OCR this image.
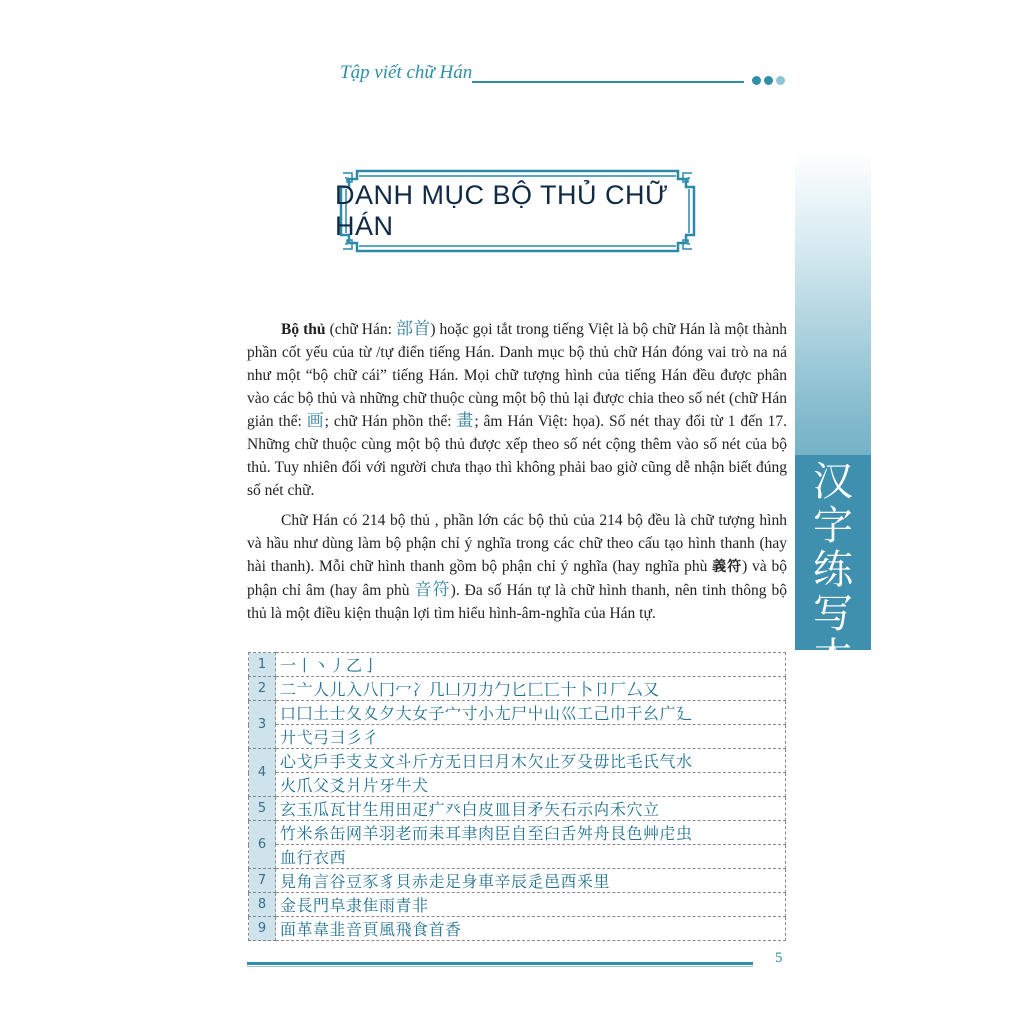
Tập viết chữ Hán
汉
字
练
写
本
DANH MỤC BỘ THỦ CHỮ HÁN
Bộ thủ (chữ Hán: 部首) hoặc gọi tắt trong tiếng Việt là bộ chữ Hán là một thành phần cốt yếu của từ /tự điển tiếng Hán. Danh mục bộ thủ chữ Hán đóng vai trò na ná như một “bộ chữ cái” tiếng Hán. Mọi chữ tượng hình của tiếng Hán đều được phân vào các bộ thủ và những chữ thuộc cùng một bộ thủ lại được chia theo số nét (chữ Hán giản thể: 画; chữ Hán phồn thể: 畫; âm Hán Việt: họa). Số nét thay đổi từ 1 đến 17. Những chữ thuộc cùng một bộ thủ được xếp theo số nét cộng thêm vào số nét của bộ thủ. Tuy nhiên đối với người chưa thạo thì không phải bao giờ cũng dễ nhận biết đúng số nét chữ.
Chữ Hán có 214 bộ thủ , phần lớn các bộ thủ của 214 bộ đều là chữ tượng hình và hầu như dùng làm bộ phận chỉ ý nghĩa trong các chữ theo cấu tạo hình thanh (hay hài thanh). Mỗi chữ hình thanh gồm bộ phận chỉ ý nghĩa (hay nghĩa phù 義符) và bộ phận chỉ âm (hay âm phù 音符). Đa số Hán tự là chữ hình thanh, nên tinh thông bộ thủ là một điều kiện thuận lợi tìm hiểu hình-âm-nghĩa của Hán tự.
1	一丨丶丿乙亅
2	二亠人儿入八冂冖冫几凵刀力勹匕匚匸十卜卩厂厶又
3	口囗土士夂夊夕大女子宀寸小尢尸屮山巛工己巾干幺广廴
	廾弋弓彐彡彳
4	心戈戶手支攴文斗斤方无日曰月木欠止歹殳毋比毛氏气水
	火爪父爻爿片牙牛犬
5	玄玉瓜瓦甘生用田疋疒癶白皮皿目矛矢石示禸禾穴立
6	竹米糸缶网羊羽老而耒耳聿肉臣自至臼舌舛舟艮色艸虍虫
	血行衣西
7	見角言谷豆豕豸貝赤走足身車辛辰辵邑酉釆里
8	金長門阜隶隹雨青非
9	面革韋韭音頁風飛食首香
5
